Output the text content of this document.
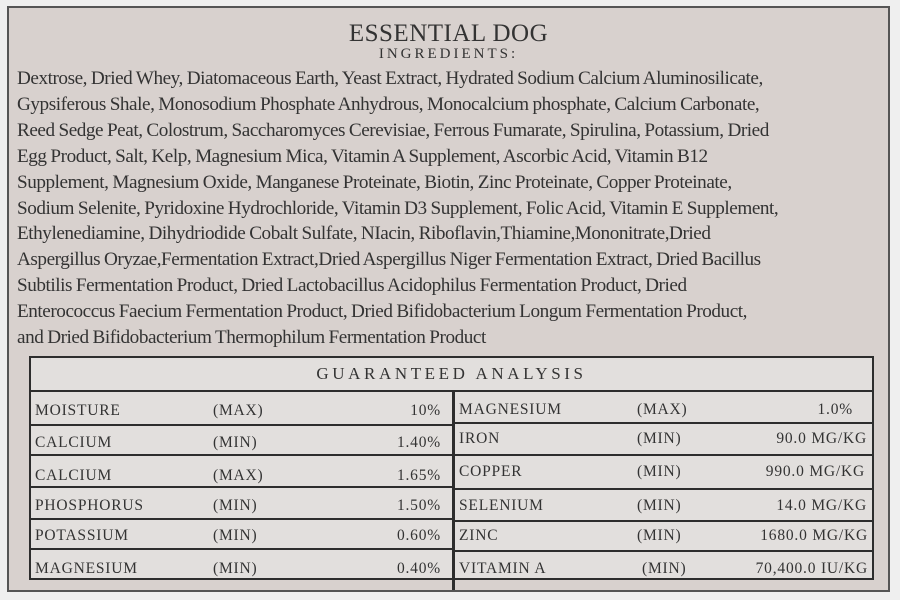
ESSENTIAL DOG
INGREDIENTS:
Dextrose, Dried Whey, Diatomaceous Earth, Yeast Extract, Hydrated Sodium Calcium Aluminosilicate,
Gypsiferous Shale, Monosodium Phosphate Anhydrous, Monocalcium phosphate, Calcium Carbonate,
Reed Sedge Peat, Colostrum, Saccharomyces Cerevisiae, Ferrous Fumarate, Spirulina, Potassium, Dried
Egg Product, Salt, Kelp, Magnesium Mica, Vitamin A Supplement, Ascorbic Acid, Vitamin B12
Supplement, Magnesium Oxide, Manganese Proteinate, Biotin, Zinc Proteinate, Copper Proteinate,
Sodium Selenite, Pyridoxine Hydrochloride, Vitamin D3 Supplement, Folic Acid, Vitamin E Supplement,
Ethylenediamine, Dihydriodide Cobalt Sulfate, NIacin, Riboflavin,Thiamine,Mononitrate,Dried
Aspergillus Oryzae,Fermentation Extract,Dried Aspergillus Niger Fermentation Extract, Dried Bacillus
Subtilis Fermentation Product, Dried Lactobacillus Acidophilus Fermentation Product, Dried
Enterococcus Faecium Fermentation Product, Dried Bifidobacterium Longum Fermentation Product,
and Dried Bifidobacterium Thermophilum Fermentation Product
GUARANTEED ANALYSIS
MOISTURE	(MAX)	10%
CALCIUM	(MIN)	1.40%
CALCIUM	(MAX)	1.65%
PHOSPHORUS	(MIN)	1.50%
POTASSIUM	(MIN)	0.60%
MAGNESIUM	(MIN)	0.40%
MAGNESIUM	(MAX)	1.0%
IRON	(MIN)	90.0 MG/KG
COPPER	(MIN)	990.0 MG/KG
SELENIUM	(MIN)	14.0 MG/KG
ZINC	(MIN)	1680.0 MG/KG
VITAMIN A	(MIN)	70,400.0 IU/KG
